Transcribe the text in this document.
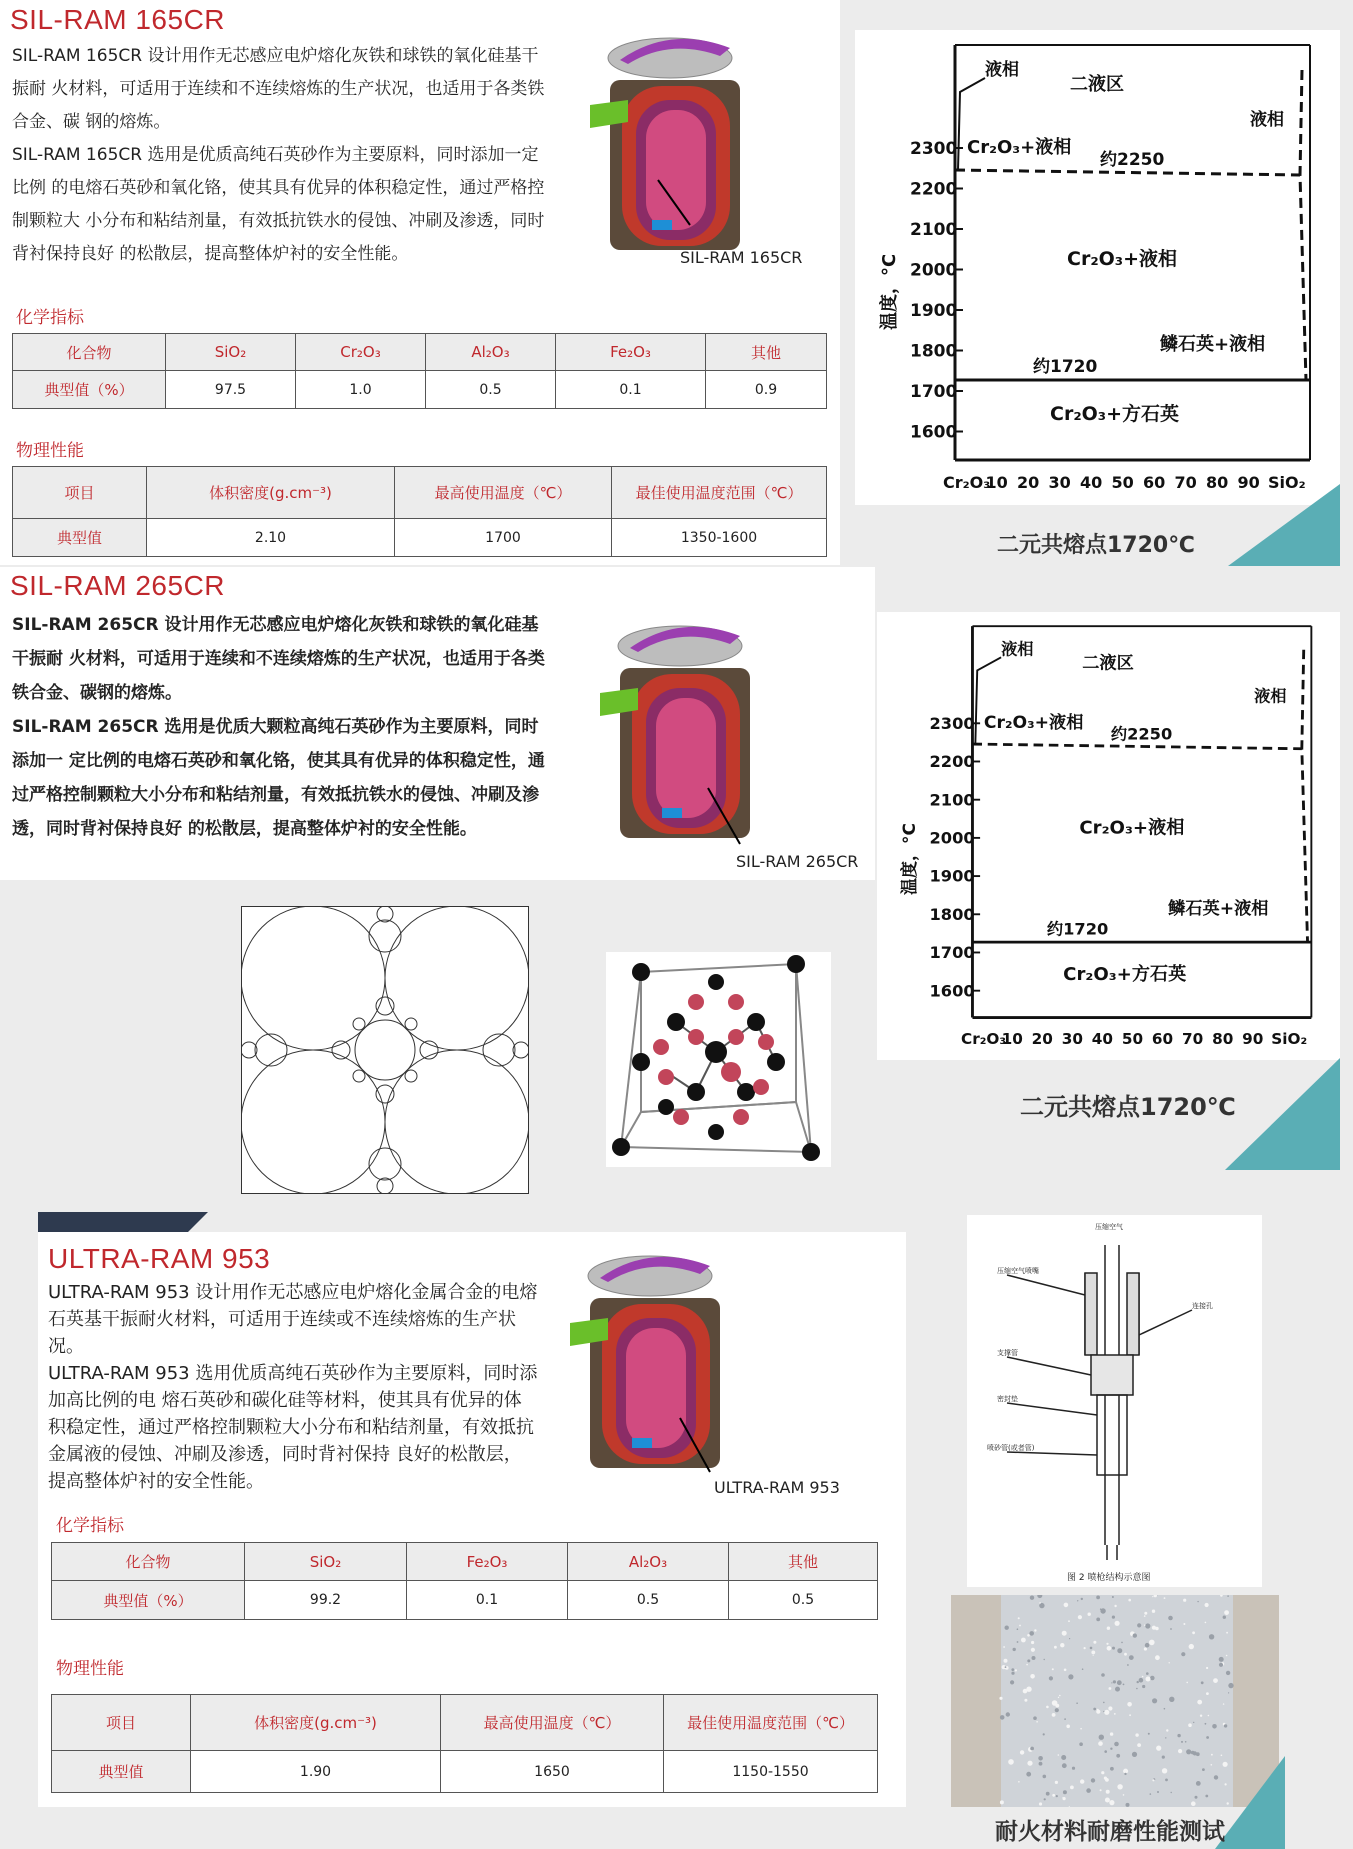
SIL-RAM 165CR

SIL-RAM 165CR 设计用作无芯感应电炉熔化灰铁和球铁的氧化硅基干振耐 火材料，可适用于连续和不连续熔炼的生产状况，也适用于各类铁合金、碳 钢的熔炼。

SIL-RAM 165CR 选用是优质高纯石英砂作为主要原料，同时添加一定比例 的电熔石英砂和氧化铬，使其具有优异的体积稳定性，通过严格控制颗粒大 小分布和粘结剂量，有效抵抗铁水的侵蚀、冲刷及渗透，同时背衬保持良好 的松散层，提高整体炉衬的安全性能。	SIL-RAM 165CR
化学指标
化合物	SiO₂	Cr₂O₃	Al₂O₃	Fe₂O₃	其他
典型值（%）	97.5	1.0	0.5	0.1	0.9
物理性能
项目	体积密度(g.cm⁻³)	最高使用温度（℃）	最佳使用温度范围（℃）
典型值	2.10	1700	1350-1600
2300
2200
2100
2000
1900
1800
1700
1600
Cr₂O₃
10 20 30 40 50 60 70 80 90 SiO₂
温度，°C
液相
二液区
液相
Cr₂O₃+液相
约2250
Cr₂O₃+液相
鳞石英+液相
约1720
Cr₂O₃+方石英
二元共熔点1720℃
SIL-RAM 265CR

SIL-RAM 265CR 设计用作无芯感应电炉熔化灰铁和球铁的氧化硅基干振耐 火材料，可适用于连续和不连续熔炼的生产状况，也适用于各类铁合金、碳钢的熔炼。

SIL-RAM 265CR 选用是优质大颗粒高纯石英砂作为主要原料，同时添加一 定比例的电熔石英砂和氧化铬，使其具有优异的体积稳定性，通过严格控制颗粒大小分布和粘结剂量，有效抵抗铁水的侵蚀、冲刷及渗透，同时背衬保持良好 的松散层，提高整体炉衬的安全性能。

SIL-RAM 265CR
2300
2200
2100
2000
1900
1800
1700
1600
Cr₂O₃
10 20 30 40 50 60 70 80 90 SiO₂
温度，°C
液相
二液区
液相
Cr₂O₃+液相
约2250
Cr₂O₃+液相
鳞石英+液相
约1720
Cr₂O₃+方石英
二元共熔点1720℃
ULTRA-RAM 953

ULTRA-RAM 953 设计用作无芯感应电炉熔化金属合金的电熔石英基干振耐火材料，可适用于连续或不连续熔炼的生产状况。

ULTRA-RAM 953 选用优质高纯石英砂作为主要原料，同时添加高比例的电 熔石英砂和碳化硅等材料，使其具有优异的体积稳定性，通过严格控制颗粒大小分布和粘结剂量，有效抵抗金属液的侵蚀、冲刷及渗透，同时背衬保持 良好的松散层，提高整体炉衬的安全性能。	ULTRA-RAM 953
化学指标
化合物	SiO₂	Fe₂O₃	Al₂O₃	其他
典型值（%）	99.2	0.1	0.5	0.5
物理性能
项目	体积密度(g.cm⁻³)	最高使用温度（℃）	最佳使用温度范围（℃）
典型值	1.90	1650	1150-1550
压缩空气
压缩空气喷嘴
连接孔
支撑管
密封垫
喷砂管(或者管)
图 2 喷枪结构示意图
耐火材料耐磨性能测试
